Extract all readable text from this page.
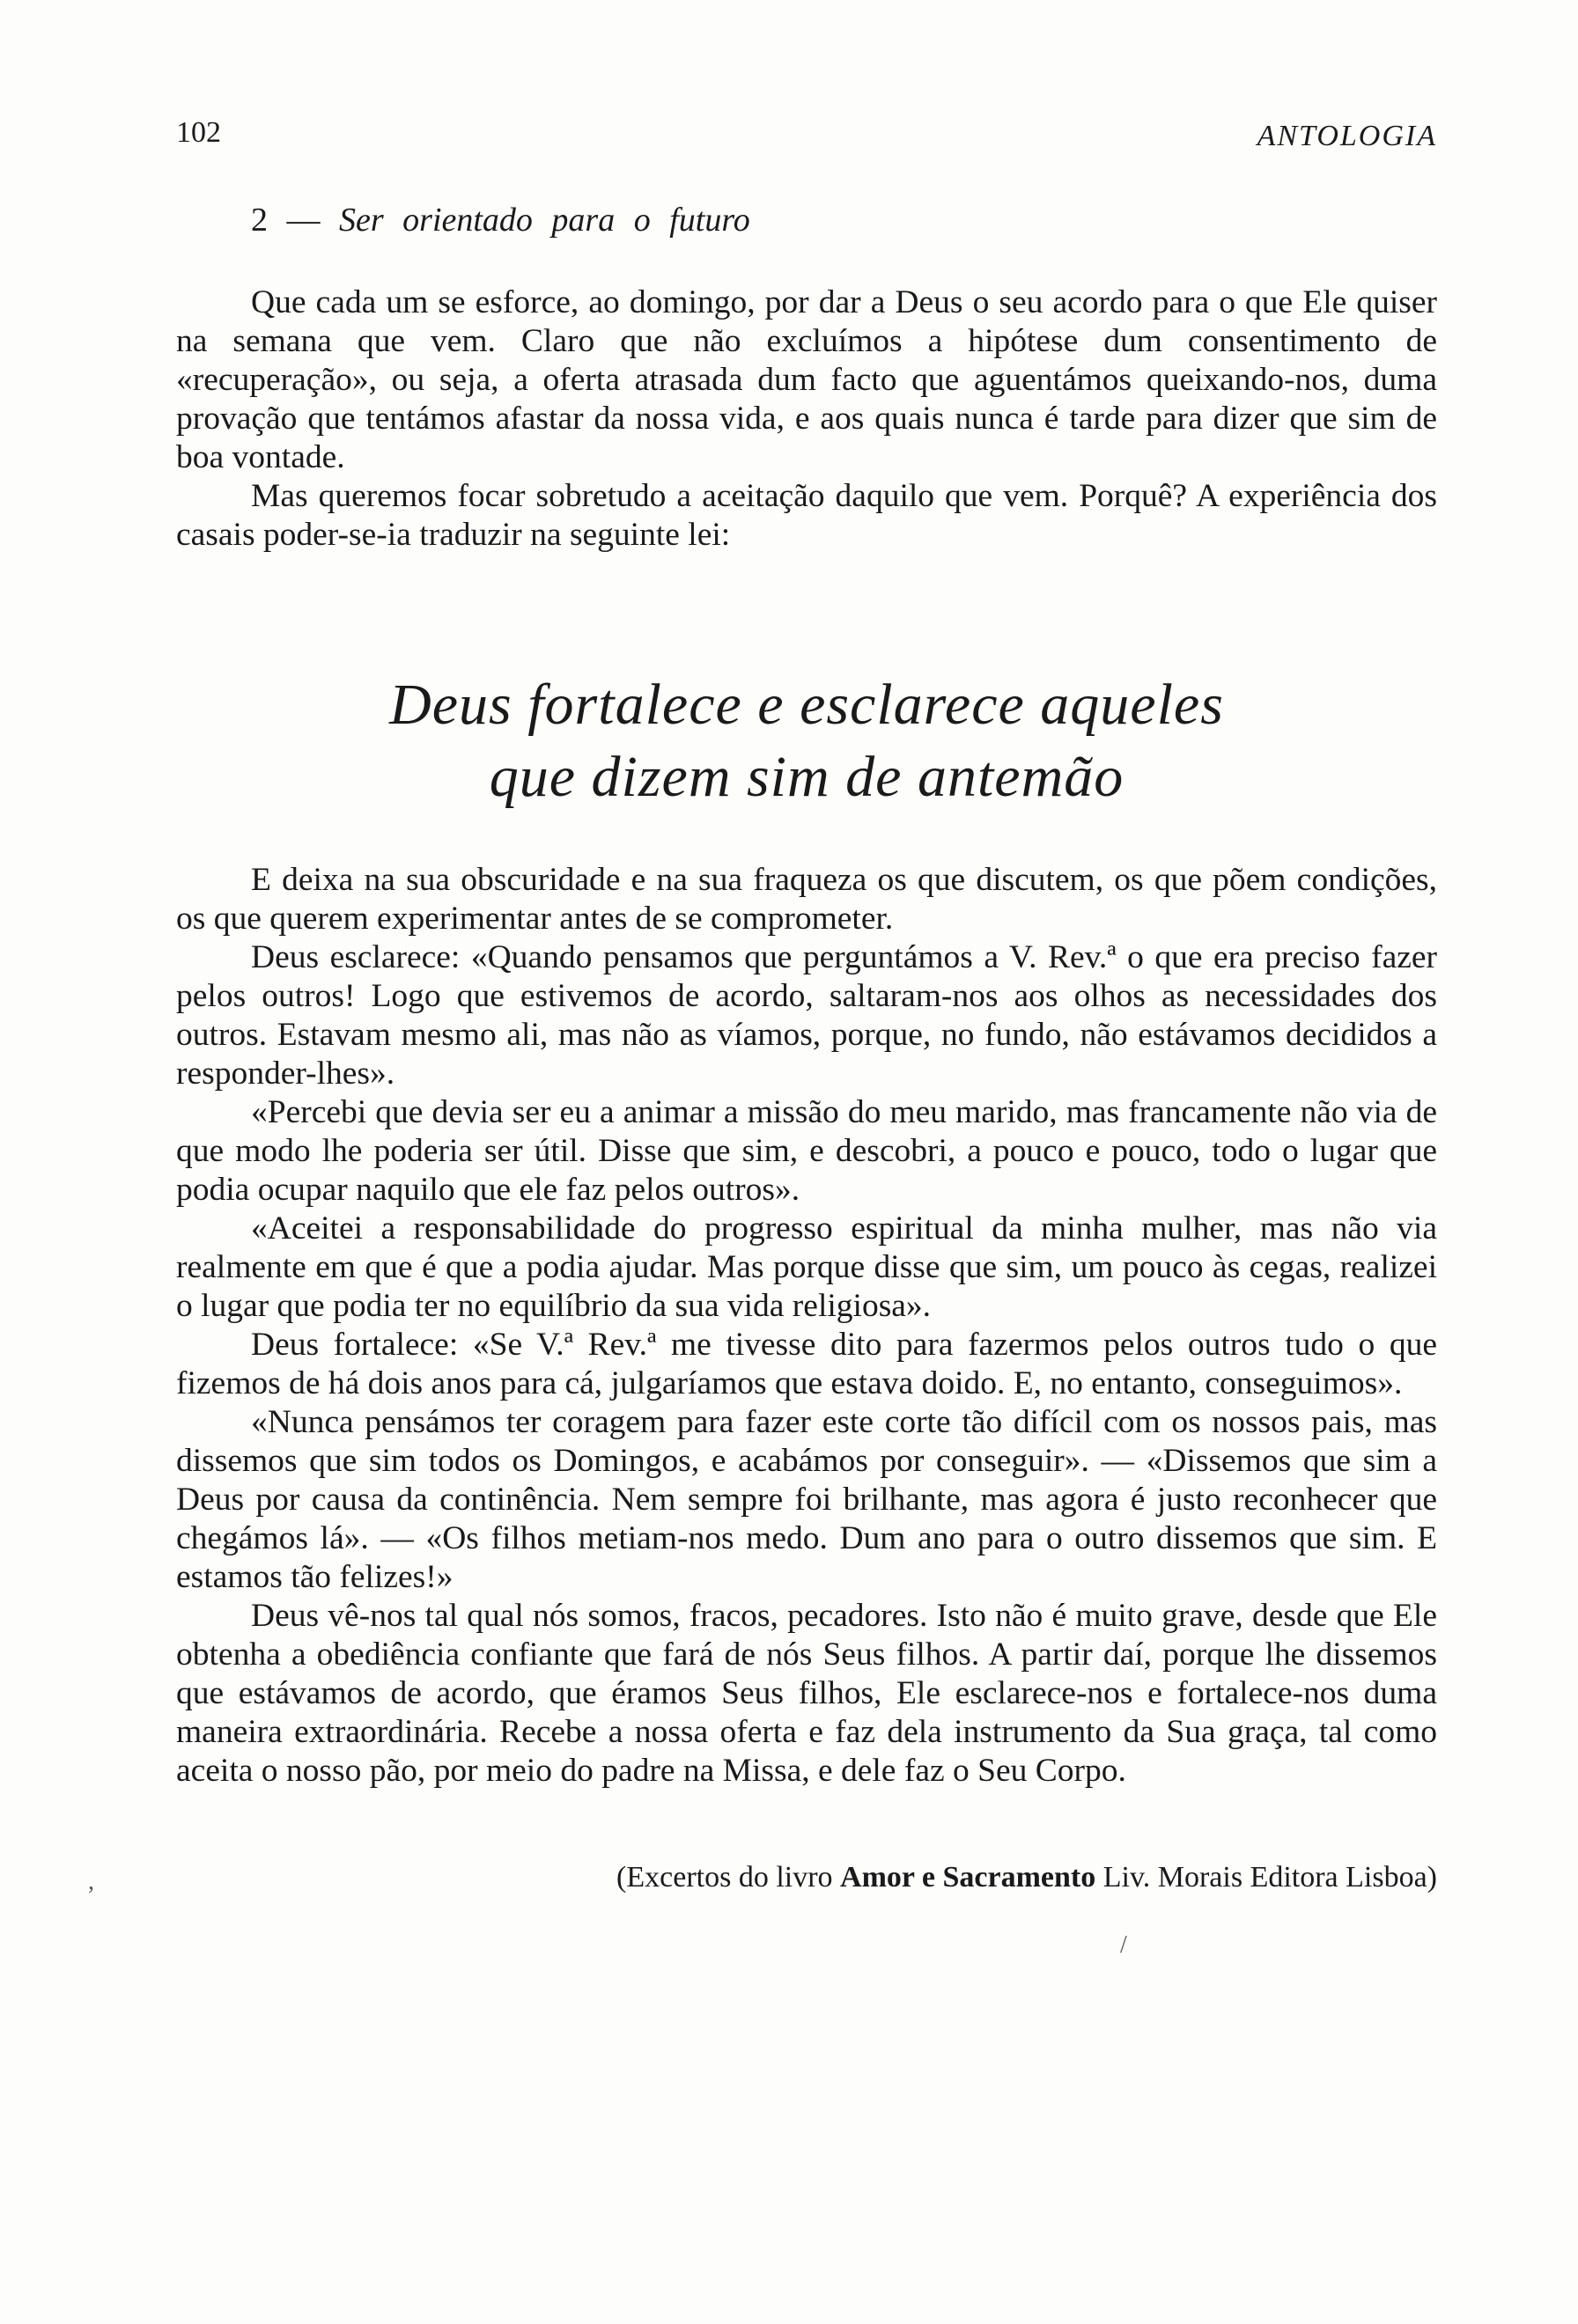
102	ANTOLOGIA
2 — Ser orientado para o futuro

Que cada um se esforce, ao domingo, por dar a Deus o seu acordo para o que Ele quiser na semana que vem. Claro que não excluímos a hipótese dum consentimento de «recuperação», ou seja, a oferta atrasada dum facto que aguentámos queixando-nos, duma provação que tentámos afastar da nossa vida, e aos quais nunca é tarde para dizer que sim de boa vontade.

Mas queremos focar sobretudo a aceitação daquilo que vem. Porquê? A experiência dos casais poder-se-ia traduzir na seguinte lei:

Deus fortalece e esclarece aqueles
que dizem sim de antemão

E deixa na sua obscuridade e na sua fraqueza os que discutem, os que põem condições, os que querem experimentar antes de se comprometer.

Deus esclarece: «Quando pensamos que perguntámos a V. Rev.ª o que era preciso fazer pelos outros! Logo que estivemos de acordo, saltaram-nos aos olhos as necessidades dos outros. Estavam mesmo ali, mas não as víamos, porque, no fundo, não estávamos decididos a responder-lhes».

«Percebi que devia ser eu a animar a missão do meu marido, mas francamente não via de que modo lhe poderia ser útil. Disse que sim, e descobri, a pouco e pouco, todo o lugar que podia ocupar naquilo que ele faz pelos outros».

«Aceitei a responsabilidade do progresso espiritual da minha mulher, mas não via realmente em que é que a podia ajudar. Mas porque disse que sim, um pouco às cegas, realizei o lugar que podia ter no equilíbrio da sua vida religiosa».

Deus fortalece: «Se V.ª Rev.ª me tivesse dito para fazermos pelos outros tudo o que fizemos de há dois anos para cá, julgaríamos que estava doido. E, no entanto, conseguimos».

«Nunca pensámos ter coragem para fazer este corte tão difícil com os nossos pais, mas dissemos que sim todos os Domingos, e acabámos por conseguir». — «Dissemos que sim a Deus por causa da continência. Nem sempre foi brilhante, mas agora é justo reconhecer que chegámos lá». — «Os filhos metiam-nos medo. Dum ano para o outro dissemos que sim. E estamos tão felizes!»

Deus vê-nos tal qual nós somos, fracos, pecadores. Isto não é muito grave, desde que Ele obtenha a obediência confiante que fará de nós Seus filhos. A partir daí, porque lhe dissemos que estávamos de acordo, que éramos Seus filhos, Ele esclarece-nos e fortalece-nos duma maneira extraordinária. Recebe a nossa oferta e faz dela instrumento da Sua graça, tal como aceita o nosso pão, por meio do padre na Missa, e dele faz o Seu Corpo.

(Excertos do livro Amor e Sacramento Liv. Morais Editora Lisboa)
,
/
